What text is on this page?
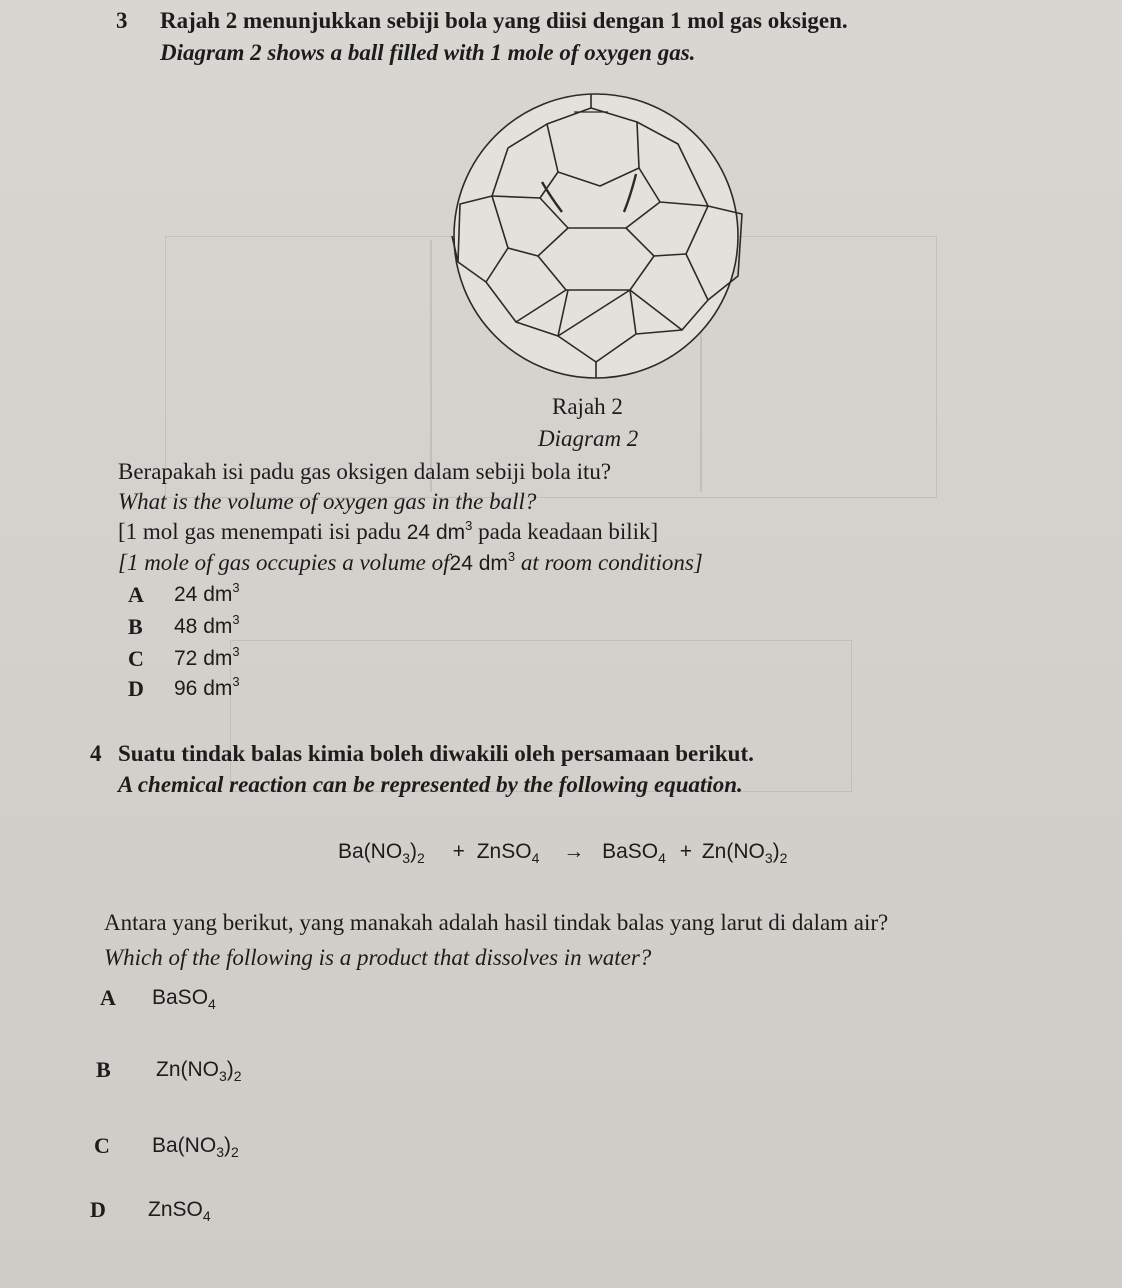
3 Rajah 2 menunjukkan sebiji bola yang diisi dengan 1 mol gas oksigen.
Diagram 2 shows a ball filled with 1 mole of oxygen gas.
Rajah 2
Diagram 2
Berapakah isi padu gas oksigen dalam sebiji bola itu?
What is the volume of oxygen gas in the ball?
[1 mol gas menempati isi padu 24 $dm^3$ pada keadaan bilik]
[1 mole of gas occupies a volume of24 $dm^3$ at room conditions]
A 24 $dm^3$
B 48 $dm^3$
C 72 $dm^3$
D 96 $dm^3$
4 Suatu tindak balas kimia boleh diwakili oleh persamaan berikut.
A chemical reaction can be represented by the following equation.
$Ba(NO_3)_2$ + ZnSO$_4$ → BaSO$_4$ + $Zn(NO_3)_2$
Antara yang berikut, yang manakah adalah hasil tindak balas yang larut di dalam air?
Which of the following is a product that dissolves in water?
A BaSO$_4$
B $Zn(NO_3)_2$
C $Ba(NO_3)_2$
D ZnSO$_4$
